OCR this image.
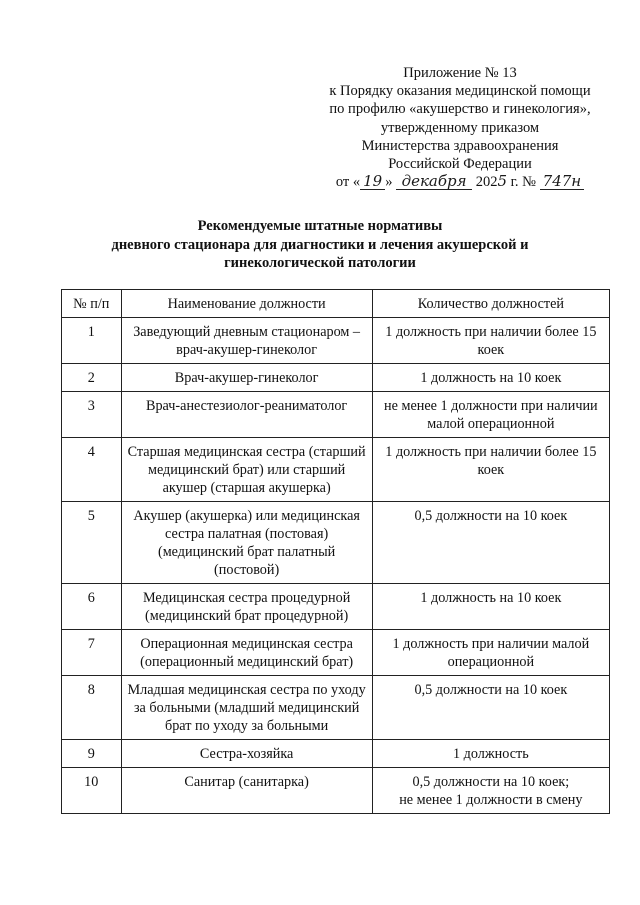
Приложение № 13
к Порядку оказания медицинской помощи
по профилю «акушерство и гинекология»,
утвержденному приказом
Министерства здравоохранения
Российской Федерации
от « 19 » декабря 2025 г. № 747н
Рекомендуемые штатные нормативы
дневного стационара для диагностики и лечения акушерской и
гинекологической патологии
№ п/п	Наименование должности	Количество должностей
1	Заведующий дневным стационаром – врач-акушер-гинеколог	1 должность при наличии более 15 коек
2	Врач-акушер-гинеколог	1 должность на 10 коек
3	Врач-анестезиолог-реаниматолог	не менее 1 должности при наличии малой операционной
4	Старшая медицинская сестра (старший медицинский брат) или старший акушер (старшая акушерка)	1 должность при наличии более 15 коек
5	Акушер (акушерка) или медицинская сестра палатная (постовая) (медицинский брат палатный (постовой)	0,5 должности на 10 коек
6	Медицинская сестра процедурной (медицинский брат процедурной)	1 должность на 10 коек
7	Операционная медицинская сестра (операционный медицинский брат)	1 должность при наличии малой операционной
8	Младшая медицинская сестра по уходу за больными (младший медицинский брат по уходу за больными	0,5 должности на 10 коек
9	Сестра-хозяйка	1 должность
10	Санитар (санитарка)	0,5 должности на 10 коек;
не менее 1 должности в смену
